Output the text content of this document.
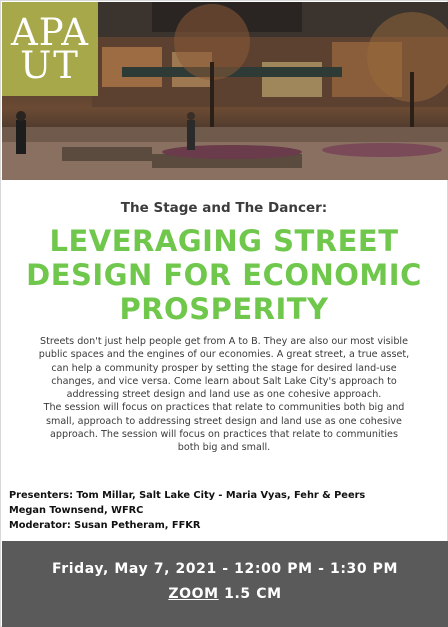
APA
UT
The Stage and The Dancer:
LEVERAGING STREET
DESIGN FOR ECONOMIC
PROSPERITY
Streets don't just help people get from A to B. They are also our most visible
public spaces and the engines of our economies. A great street, a true asset,
can help a community prosper by setting the stage for desired land-use
changes, and vice versa. Come learn about Salt Lake City's approach to
addressing street design and land use as one cohesive approach.
The session will focus on practices that relate to communities both big and
small, approach to addressing street design and land use as one cohesive
approach. The session will focus on practices that relate to communities
both big and small.
Presenters: Tom Millar, Salt Lake City - Maria Vyas, Fehr & Peers
Megan Townsend, WFRC
Moderator: Susan Petheram, FFKR
Friday, May 7, 2021 - 12:00 PM - 1:30 PM
ZOOM 1.5 CM
